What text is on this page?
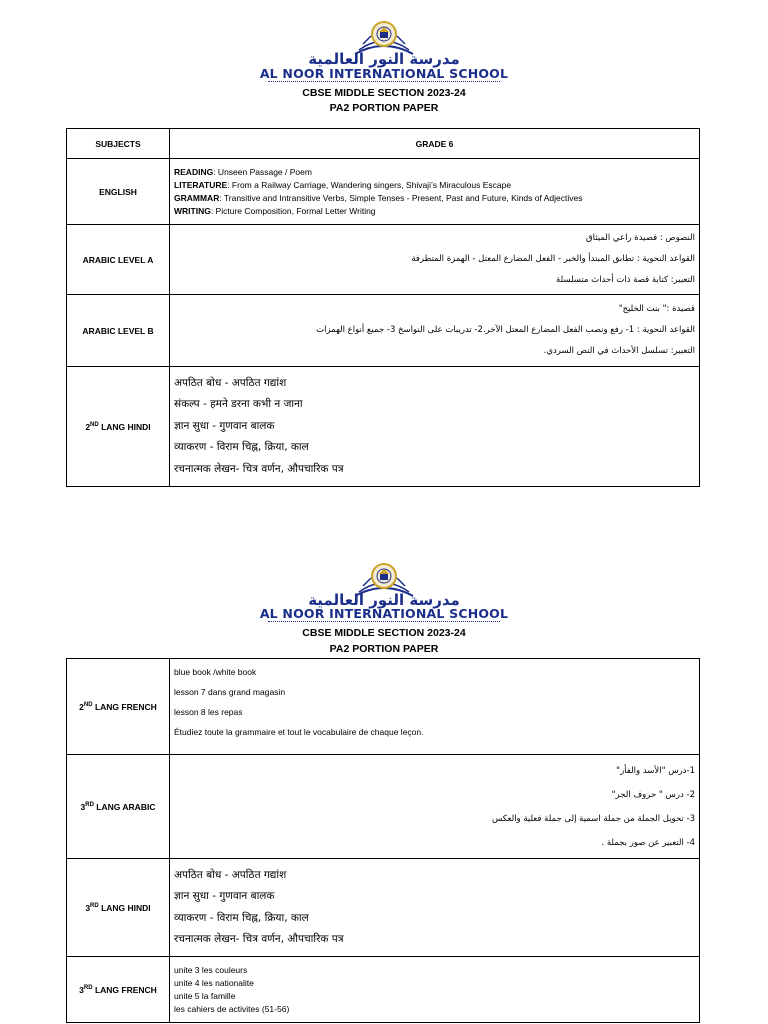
مدرسة النور العالمية
AL NOOR INTERNATIONAL SCHOOL
CBSE MIDDLE SECTION 2023-24
PA2 PORTION PAPER
SUBJECTS	GRADE 6
ENGLISH	READING: Unseen Passage / Poem
LITERATURE: From a Railway Carriage, Wandering singers, Shivaji’s Miraculous Escape
GRAMMAR: Transitive and Intransitive Verbs, Simple Tenses - Present, Past and Future, Kinds of Adjectives
WRITING: Picture Composition, Formal Letter Writing

ARABIC LEVEL A	النصوص : قصيدة راعي الميثاق
القواعد النحوية : تطابق المبتدأ والخبر - الفعل المضارع المعتل - الهمزة المتطرفة
التعبير: كتابة قصة ذات أحداث متسلسلة

ARABIC LEVEL B	قصيدة :" بنت الخليج"
القواعد النحوية : 1- رفع ونصب الفعل المضارع المعتل الآخر.2- تدريبات على النواسخ 3- جميع أنواع الهمزات
التعبير: تسلسل الأحداث في النص السردي.

2ND LANG HINDI	अपठित बोध - अपठित गद्यांश
संकल्प - हमने डरना कभी न जाना
ज्ञान सुधा - गुणवान बालक
व्याकरण - विराम चिह्न, क्रिया, काल
रचनात्मक लेखन- चित्र वर्णन, औपचारिक पत्र
مدرسة النور العالمية
AL NOOR INTERNATIONAL SCHOOL
CBSE MIDDLE SECTION 2023-24
PA2 PORTION PAPER
2ND LANG FRENCH	blue book /white book
lesson 7 dans grand magasin
lesson 8 les repas
Étudiez toute la grammaire et tout le vocabulaire de chaque leçon.

3RD LANG ARABIC	1-درس "الأسد والفأر"
2- درس " حروف الجر"
3- تحويل الجملة من جملة اسمية إلى جملة فعلية والعكس
4- التعبير عن صور بجملة .

3RD LANG HINDI	अपठित बोध - अपठित गद्यांश
ज्ञान सुधा - गुणवान बालक
व्याकरण - विराम चिह्न, क्रिया, काल
रचनात्मक लेखन- चित्र वर्णन, औपचारिक पत्र

3RD LANG FRENCH	unite 3 les couleurs
unite 4 les nationalite
unite 5 la famille
les cahiers de activites (51-56)
